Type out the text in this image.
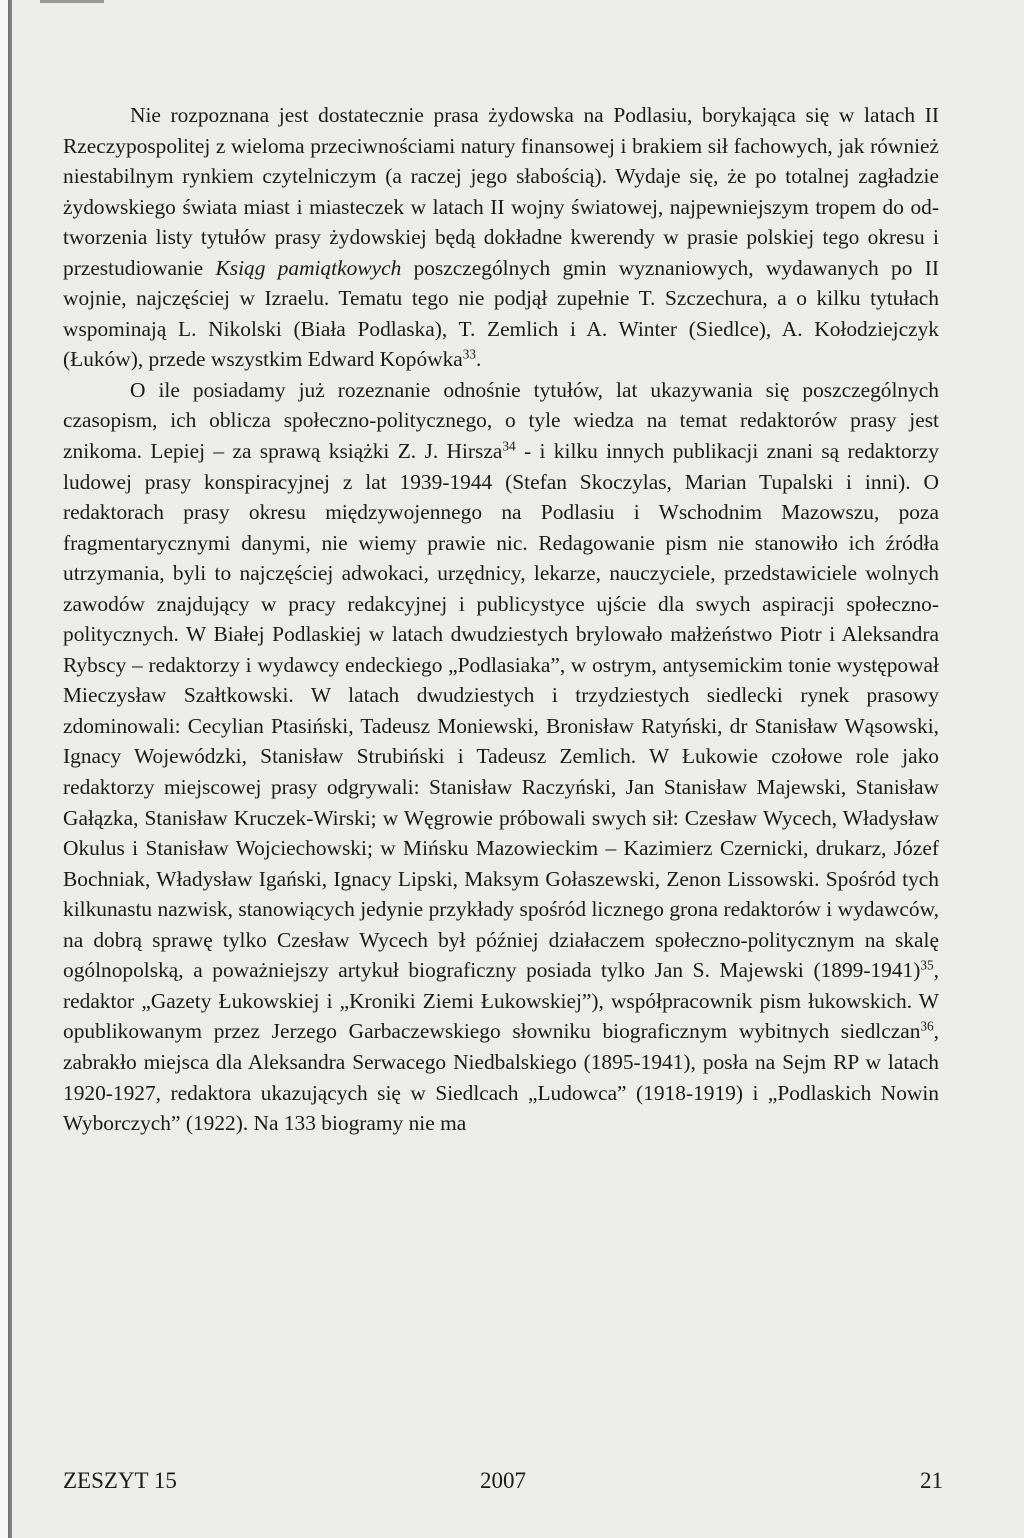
Nie rozpoznana jest dostatecznie prasa żydowska na Podlasiu, borykająca się w latach II Rzeczypospolitej z wieloma przeciwnościami natury finansowej i brakiem sił fachowych, jak również niestabilnym rynkiem czytelniczym (a raczej jego słabością). Wydaje się, że po totalnej zagładzie żydowskiego świata miast i miasteczek w latach II wojny światowej, najpewniejszym tropem do odtworzenia listy tytułów prasy żydowskiej będą dokładne kwerendy w prasie polskiej tego okresu i przestudiowanie Ksiąg pamiątkowych poszczególnych gmin wyznaniowych, wydawanych po II wojnie, najczęściej w Izraelu. Tematu tego nie podjął zupełnie T. Szczechura, a o kilku tytułach wspominają L. Nikolski (Biała Podlaska), T. Zemlich i A. Winter (Siedlce), A. Kołodziejczyk (Łuków), przede wszystkim Edward Kopówka$^{33}$.

O ile posiadamy już rozeznanie odnośnie tytułów, lat ukazywania się poszczególnych czasopism, ich oblicza społeczno-politycznego, o tyle wiedza na temat redaktorów prasy jest znikoma. Lepiej – za sprawą książki Z. J. Hirsza$^{34}$ - i kilku innych publikacji znani są redaktorzy ludowej prasy konspiracyjnej z lat 1939-1944 (Stefan Skoczylas, Marian Tupalski i inni). O redaktorach prasy okresu międzywojennego na Podlasiu i Wschodnim Mazowszu, poza fragmentarycznymi danymi, nie wiemy prawie nic. Redagowanie pism nie stanowiło ich źródła utrzymania, byli to najczęściej adwokaci, urzędnicy, lekarze, nauczyciele, przedstawiciele wolnych zawodów znajdujący w pracy redakcyjnej i publicystyce ujście dla swych aspiracji społeczno-politycznych. W Białej Podlaskiej w latach dwudziestych brylowało małżeństwo Piotr i Aleksandra Rybscy – redaktorzy i wydawcy endeckiego „Podlasiaka”, w ostrym, antysemickim tonie występował Mieczysław Szałtkowski. W latach dwudziestych i trzydziestych siedlecki rynek prasowy zdominowali: Cecylian Ptasiński, Tadeusz Moniewski, Bronisław Ratyński, dr Stanisław Wąsowski, Ignacy Wojewódzki, Stanisław Strubiński i Tadeusz Zemlich. W Łukowie czołowe role jako redaktorzy miejscowej prasy odgrywali: Stanisław Raczyński, Jan Stanisław Majewski, Stanisław Gałązka, Stanisław Kruczek-Wirski; w Węgrowie próbowali swych sił: Czesław Wycech, Władysław Okulus i Stanisław Wojciechowski; w Mińsku Mazowieckim – Kazimierz Czernicki, drukarz, Józef Bochniak, Władysław Igański, Ignacy Lipski, Maksym Gołaszewski, Zenon Lissowski. Spośród tych kilkunastu nazwisk, stanowiących jedynie przykłady spośród licznego grona redaktorów i wydawców, na dobrą sprawę tylko Czesław Wycech był później działaczem społeczno-politycznym na skalę ogólnopolską, a poważniejszy artykuł biograficzny posiada tylko Jan S. Majewski (1899-1941)$^{35}$, redaktor „Gazety Łukowskiej i „Kroniki Ziemi Łukowskiej”), współpracownik pism łukowskich. W opublikowanym przez Jerzego Garbaczewskiego słowniku biograficznym wybitnych siedlczan$^{36}$, zabrakło miejsca dla Aleksandra Serwacego Niedbalskiego (1895-1941), posła na Sejm RP w latach 1920-1927, redaktora ukazujących się w Siedlcach „Ludowca” (1918-1919) i „Podlaskich Nowin Wyborczych” (1922). Na 133 biogramy nie ma

ZESZYT 15	2007	21
